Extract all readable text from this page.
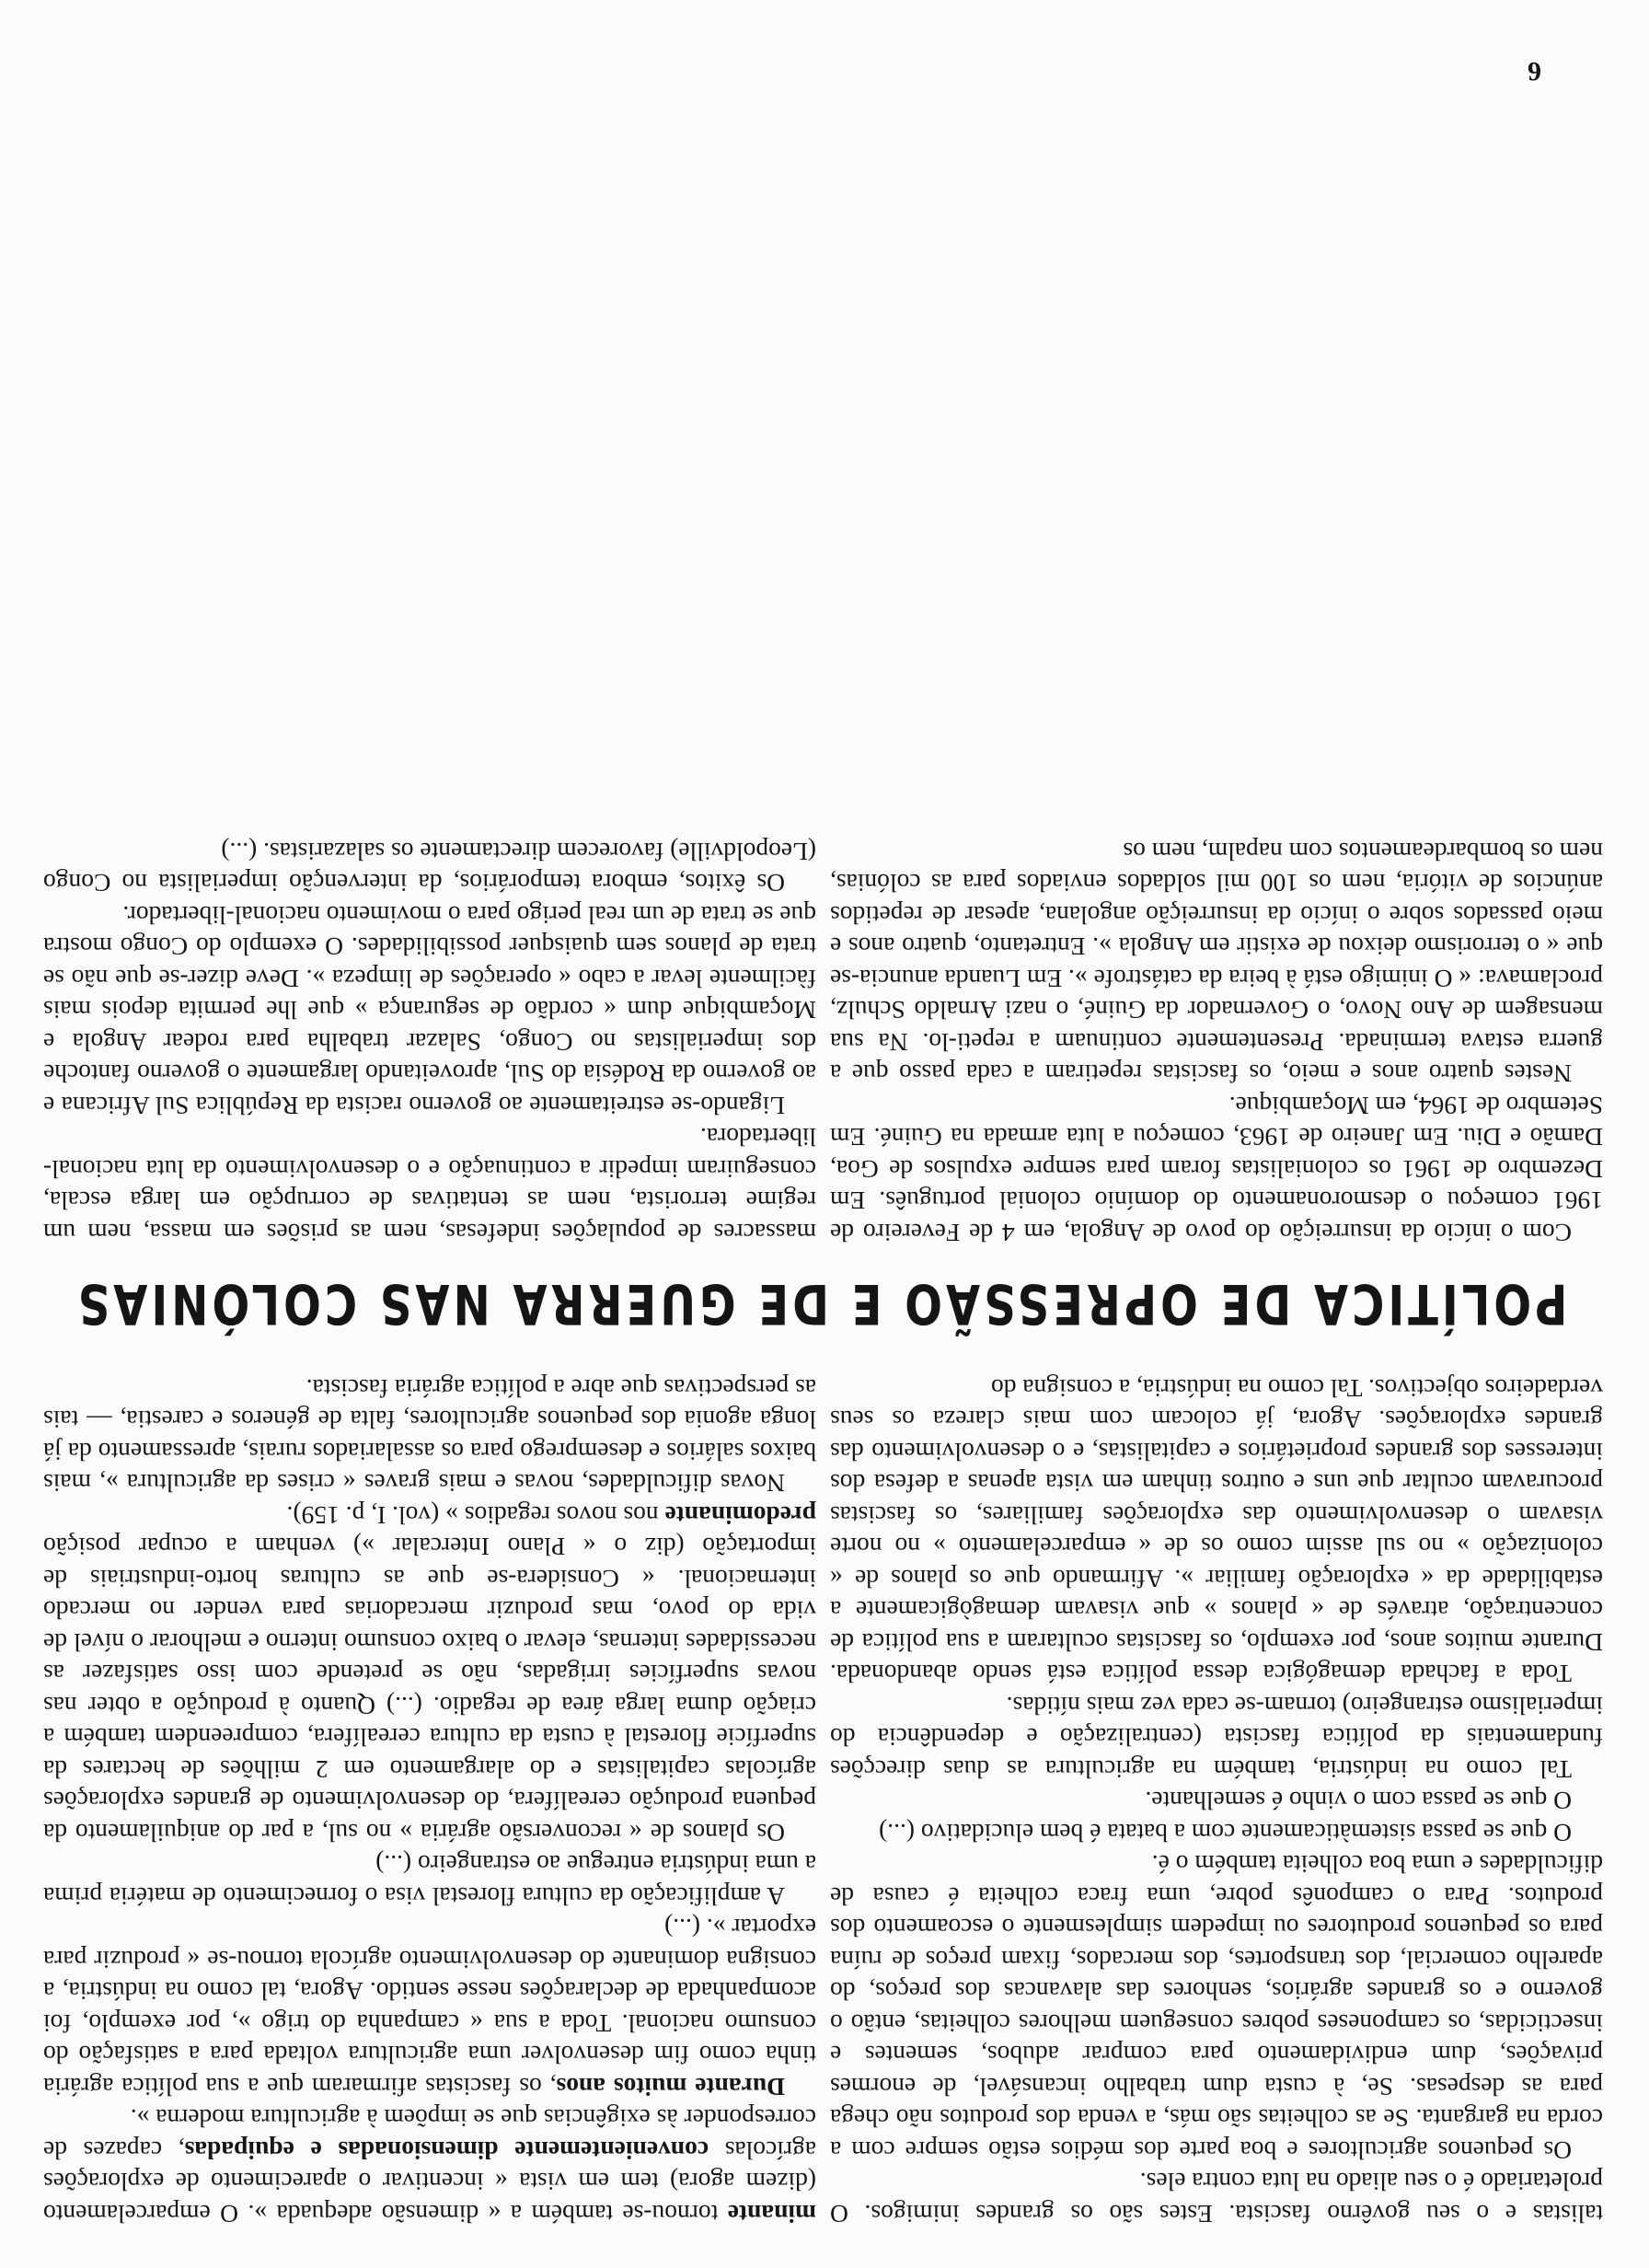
6

talistas e o seu govêrno fascista. Estes são os grandes inimigos. O proletariado é o seu aliado na luta contra eles.

Os pequenos agricultores e boa parte dos médios estão sempre com a corda na garganta. Se as colheitas são más, a venda dos produtos não chega para as despesas. Se, à custa dum trabalho incansável, de enormes privações, dum endividamento para comprar adubos, sementes e insecticidas, os camponeses pobres conseguem melhores colheitas, então o governo e os grandes agrários, senhores das alavancas dos preços, do aparelho comercial, dos transportes, dos mercados, fixam preços de ruína para os pequenos produtores ou impedem simplesmente o escoamento dos produtos. Para o camponês pobre, uma fraca colheita é causa de dificuldades e uma boa colheita também o é.

O que se passa sistemàticamente com a batata é bem elucidativo (...)

O que se passa com o vinho é semelhante.

Tal como na indústria, também na agricultura as duas direcções fundamentais da política fascista (centralização e dependência do imperialismo estrangeiro) tornam-se cada vez mais nítidas.

Toda a fachada demagógica dessa política está sendo abandonada. Durante muitos anos, por exemplo, os fascistas ocultaram a sua política de concentração, através de « planos » que visavam demagògicamente a estabilidade da « exploração familiar ». Afirmando que os planos de « colonização » no sul assim como os de « emparcelamento » no norte visavam o desenvolvimento das explorações familiares, os fascistas procuravam ocultar que uns e outros tinham em vista apenas a defesa dos interesses dos grandes proprietários e capitalistas, e o desenvolvimento das grandes explorações. Agora, já colocam com mais clareza os seus verdadeiros objectivos. Tal como na indústria, a consigna do

minante tornou-se também a « dimensão adequada ». O emparcelamento (dizem agora) tem em vista « incentivar o aparecimento de explorações agrícolas convenientemente dimensionadas e equipadas, capazes de corresponder às exigências que se impõem à agricultura moderna ».

Durante muitos anos, os fascistas afirmaram que a sua política agrária tinha como fim desenvolver uma agricultura voltada para a satisfação do consumo nacional. Toda a sua « campanha do trigo », por exemplo, foi acompanhada de declarações nesse sentido. Agora, tal como na indústria, a consigna dominante do desenvolvimento agrícola tornou-se « produzir para exportar ». (...)

A amplificação da cultura florestal visa o fornecimento de matéria prima a uma indústria entregue ao estrangeiro (...)

Os planos de « reconversão agrária » no sul, a par do aniquilamento da pequena produção cerealífera, do desenvolvimento de grandes explorações agrícolas capitalistas e do alargamento em 2 milhões de hectares da superfície florestal à custa da cultura cerealífera, compreendem também a criação duma larga área de regadio. (...) Quanto à produção a obter nas novas superfícies irrigadas, não se pretende com isso satisfazer as necessidades internas, elevar o baixo consumo interno e melhorar o nível de vida do povo, mas produzir mercadorias para vender no mercado internacional. « Considera-se que as culturas horto-industriais de importação (diz o « Plano Intercalar ») venham a ocupar posição predominante nos novos regadios » (vol. I, p. 159).

Novas dificuldades, novas e mais graves « crises da agricultura », mais baixos salários e desemprego para os assalariados rurais, apressamento da já longa agonia dos pequenos agricultores, falta de géneros e carestia, — tais as perspectivas que abre a política agrária fascista.

POLÍTICA DE OPRESSÃO E DE GUERRA NAS COLÓNIAS

Com o início da insurreição do povo de Angola, em 4 de Fevereiro de 1961 começou o desmoronamento do domínio colonial português. Em Dezembro de 1961 os colonialistas foram para sempre expulsos de Goa, Damão e Diu. Em Janeiro de 1963, começou a luta armada na Guiné. Em Setembro de 1964, em Moçambique.

Nestes quatro anos e meio, os fascistas repetiram a cada passo que a guerra estava terminada. Presentemente continuam a repeti-lo. Na sua mensagem de Ano Novo, o Governador da Guiné, o nazi Arnaldo Schulz, proclamava: « O inimigo está à beira da catástrofe ». Em Luanda anuncia-se que « o terrorismo deixou de existir em Angola ». Entretanto, quatro anos e meio passados sobre o início da insurreição angolana, apesar de repetidos anúncios de vitória, nem os 100 mil soldados enviados para as colónias, nem os bombardeamentos com napalm, nem os

massacres de populações indefesas, nem as prisões em massa, nem um regime terrorista, nem as tentativas de corrupção em larga escala, conseguiram impedir a continuação e o desenvolvimento da luta nacional-libertadora.

Ligando-se estreitamente ao governo racista da República Sul Africana e ao governo da Rodésia do Sul, aproveitando largamente o governo fantoche dos imperialistas no Congo, Salazar trabalha para rodear Angola e Moçambique dum « cordão de segurança » que lhe permita depois mais fàcilmente levar a cabo « operações de limpeza ». Deve dizer-se que não se trata de planos sem quaisquer possibilidades. O exemplo do Congo mostra que se trata de um real perigo para o movimento nacional-libertador.

Os êxitos, embora temporários, da intervenção imperialista no Congo (Leopoldville) favorecem directamente os salazaristas. (...)
